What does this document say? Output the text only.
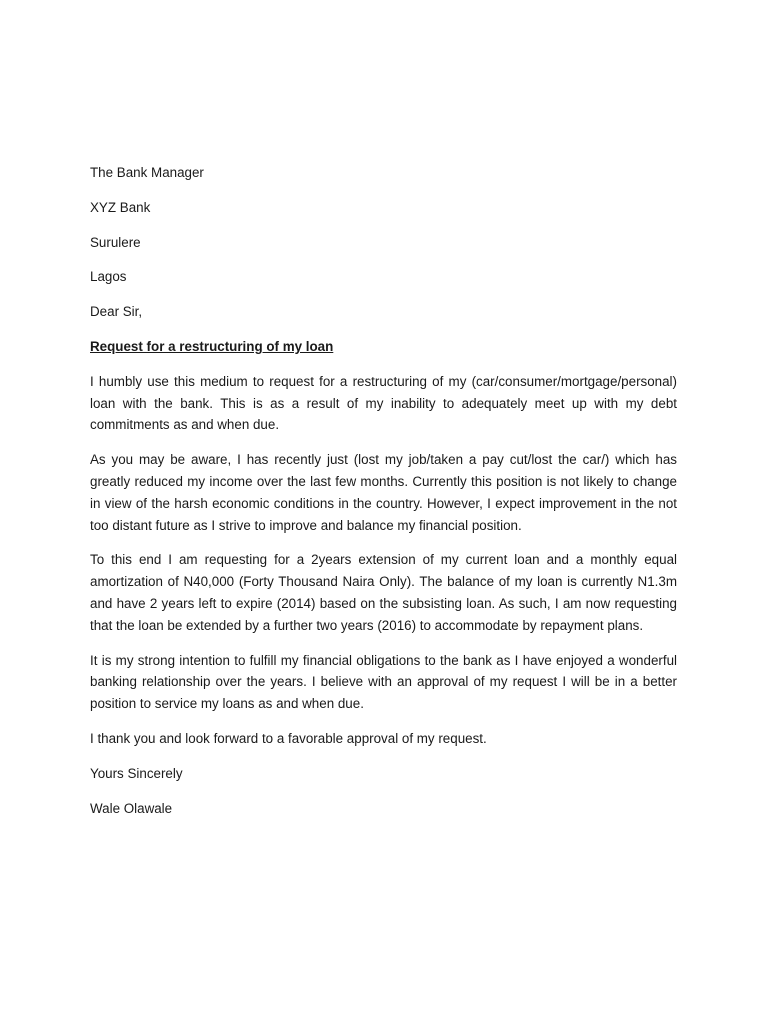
The Bank Manager
XYZ Bank
Surulere
Lagos
Dear Sir,
Request for a restructuring of my loan

I humbly use this medium to request for a restructuring of my (car/consumer/mortgage/personal) loan with the bank. This is as a result of my inability to adequately meet up with my debt commitments as and when due.

As you may be aware, I has recently just (lost my job/taken a pay cut/lost the car/) which has greatly reduced my income over the last few months. Currently this position is not likely to change in view of the harsh economic conditions in the country. However, I expect improvement in the not too distant future as I strive to improve and balance my financial position.

To this end I am requesting for a 2years extension of my current loan and a monthly equal amortization of N40,000 (Forty Thousand Naira Only). The balance of my loan is currently N1.3m and have 2 years left to expire (2014) based on the subsisting loan. As such, I am now requesting that the loan be extended by a further two years (2016) to accommodate by repayment plans.

It is my strong intention to fulfill my financial obligations to the bank as I have enjoyed a wonderful banking relationship over the years. I believe with an approval of my request I will be in a better position to service my loans as and when due.

I thank you and look forward to a favorable approval of my request.
Yours Sincerely
Wale Olawale
